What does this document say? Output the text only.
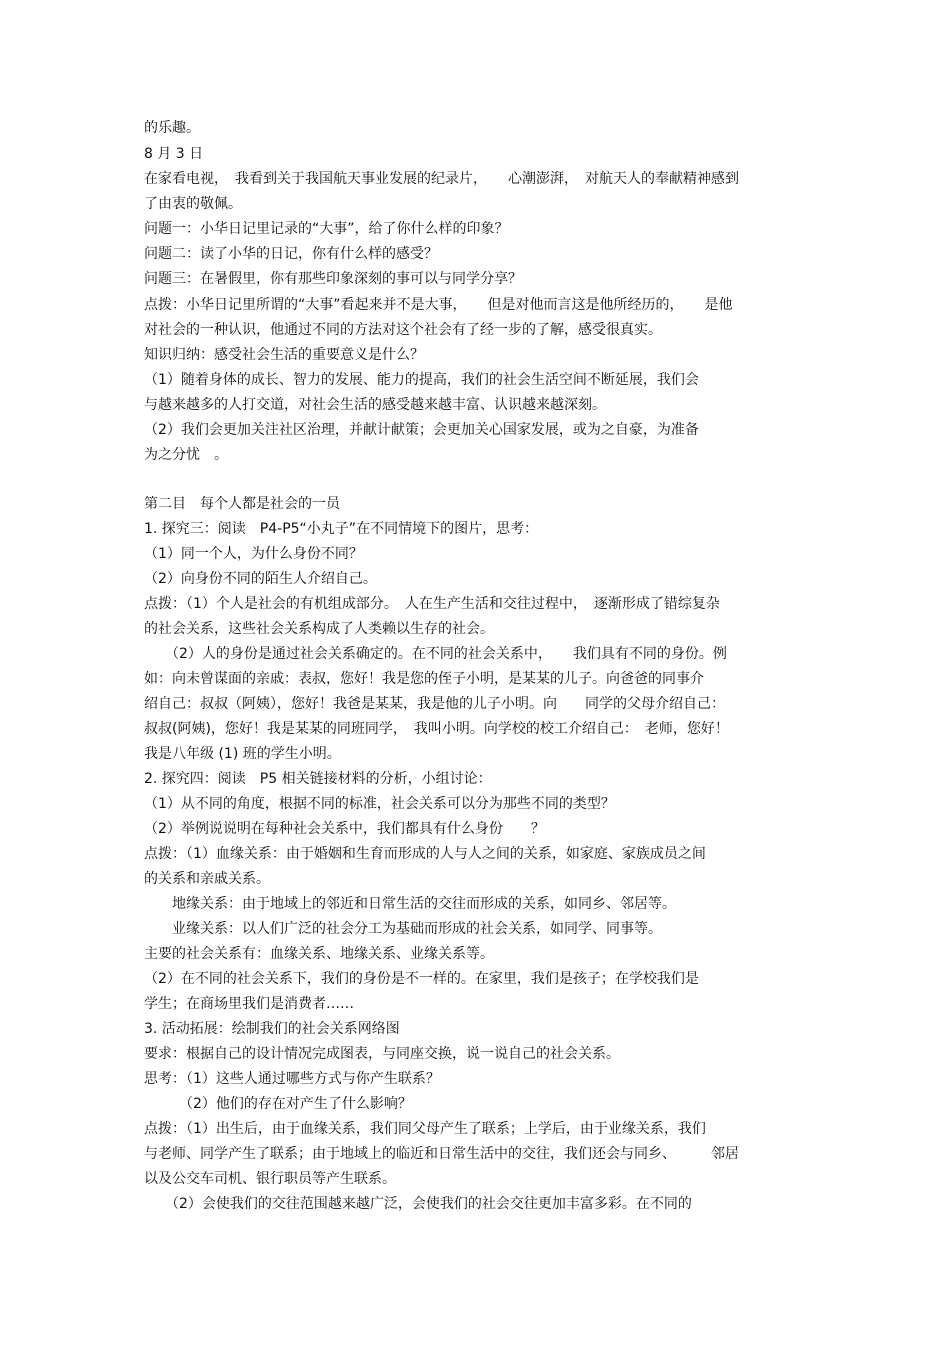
的乐趣。
8 月 3 日
在家看电视，　我看到关于我国航天事业发展的纪录片，　　心潮澎湃，　对航天人的奉献精神感到
了由衷的敬佩。
问题一：小华日记里记录的“大事”，给了你什么样的印象？
问题二：读了小华的日记，你有什么样的感受？
问题三：在暑假里，你有那些印象深刻的事可以与同学分享？
点拨：小华日记里所谓的“大事”看起来并不是大事，　　但是对他而言这是他所经历的，　　是他
对社会的一种认识，他通过不同的方法对这个社会有了经一步的了解，感受很真实。
知识归纳：感受社会生活的重要意义是什么？
（1）随着身体的成长、智力的发展、能力的提高，我们的社会生活空间不断延展，我们会
与越来越多的人打交道，对社会生活的感受越来越丰富、认识越来越深刻。
（2）我们会更加关注社区治理，并献计献策；会更加关心国家发展，或为之自豪，为准备
为之分忧　。
第二目　每个人都是社会的一员
1. 探究三：阅读　P4-P5“小丸子”在不同情境下的图片，思考：
（1）同一个人，为什么身份不同？
（2）向身份不同的陌生人介绍自己。
点拨：（1）个人是社会的有机组成部分。　人在生产生活和交往过程中，　逐渐形成了错综复杂
的社会关系，这些社会关系构成了人类赖以生存的社会。
　　（2）人的身份是通过社会关系确定的。在不同的社会关系中，　　我们具有不同的身份。例
如：向未曾谋面的亲戚：表叔，您好！我是您的侄子小明，是某某的儿子。向爸爸的同事介
绍自己：叔叔（阿姨），您好！我爸是某某，我是他的儿子小明。向　　同学的父母介绍自己：
叔叔(阿姨)，您好！我是某某的同班同学，　我叫小明。向学校的校工介绍自己：　老师，您好！
我是八年级 (1) 班的学生小明。
2. 探究四：阅读　P5 相关链接材料的分析，小组讨论：
（1）从不同的角度，根据不同的标准，社会关系可以分为那些不同的类型？
（2）举例说说明在每种社会关系中，我们都具有什么身份　　？
点拨：（1）血缘关系：由于婚姻和生育而形成的人与人之间的关系，如家庭、家族成员之间
的关系和亲戚关系。
　　地缘关系：由于地域上的邻近和日常生活的交往而形成的关系，如同乡、邻居等。
　　业缘关系：以人们广泛的社会分工为基础而形成的社会关系，如同学、同事等。
主要的社会关系有：血缘关系、地缘关系、业缘关系等。
（2）在不同的社会关系下，我们的身份是不一样的。在家里，我们是孩子；在学校我们是
学生；在商场里我们是消费者……
3. 活动拓展：绘制我们的社会关系网络图
要求：根据自己的设计情况完成图表，与同座交换，说一说自己的社会关系。
思考：（1）这些人通过哪些方式与你产生联系？
　　　（2）他们的存在对产生了什么影响？
点拨：（1）出生后，由于血缘关系，我们同父母产生了联系；上学后，由于业缘关系，我们
与老师、同学产生了联系；由于地域上的临近和日常生活中的交往，我们还会与同乡、　　　邻居
以及公交车司机、银行职员等产生联系。
　　（2）会使我们的交往范围越来越广泛，会使我们的社会交往更加丰富多彩。在不同的
